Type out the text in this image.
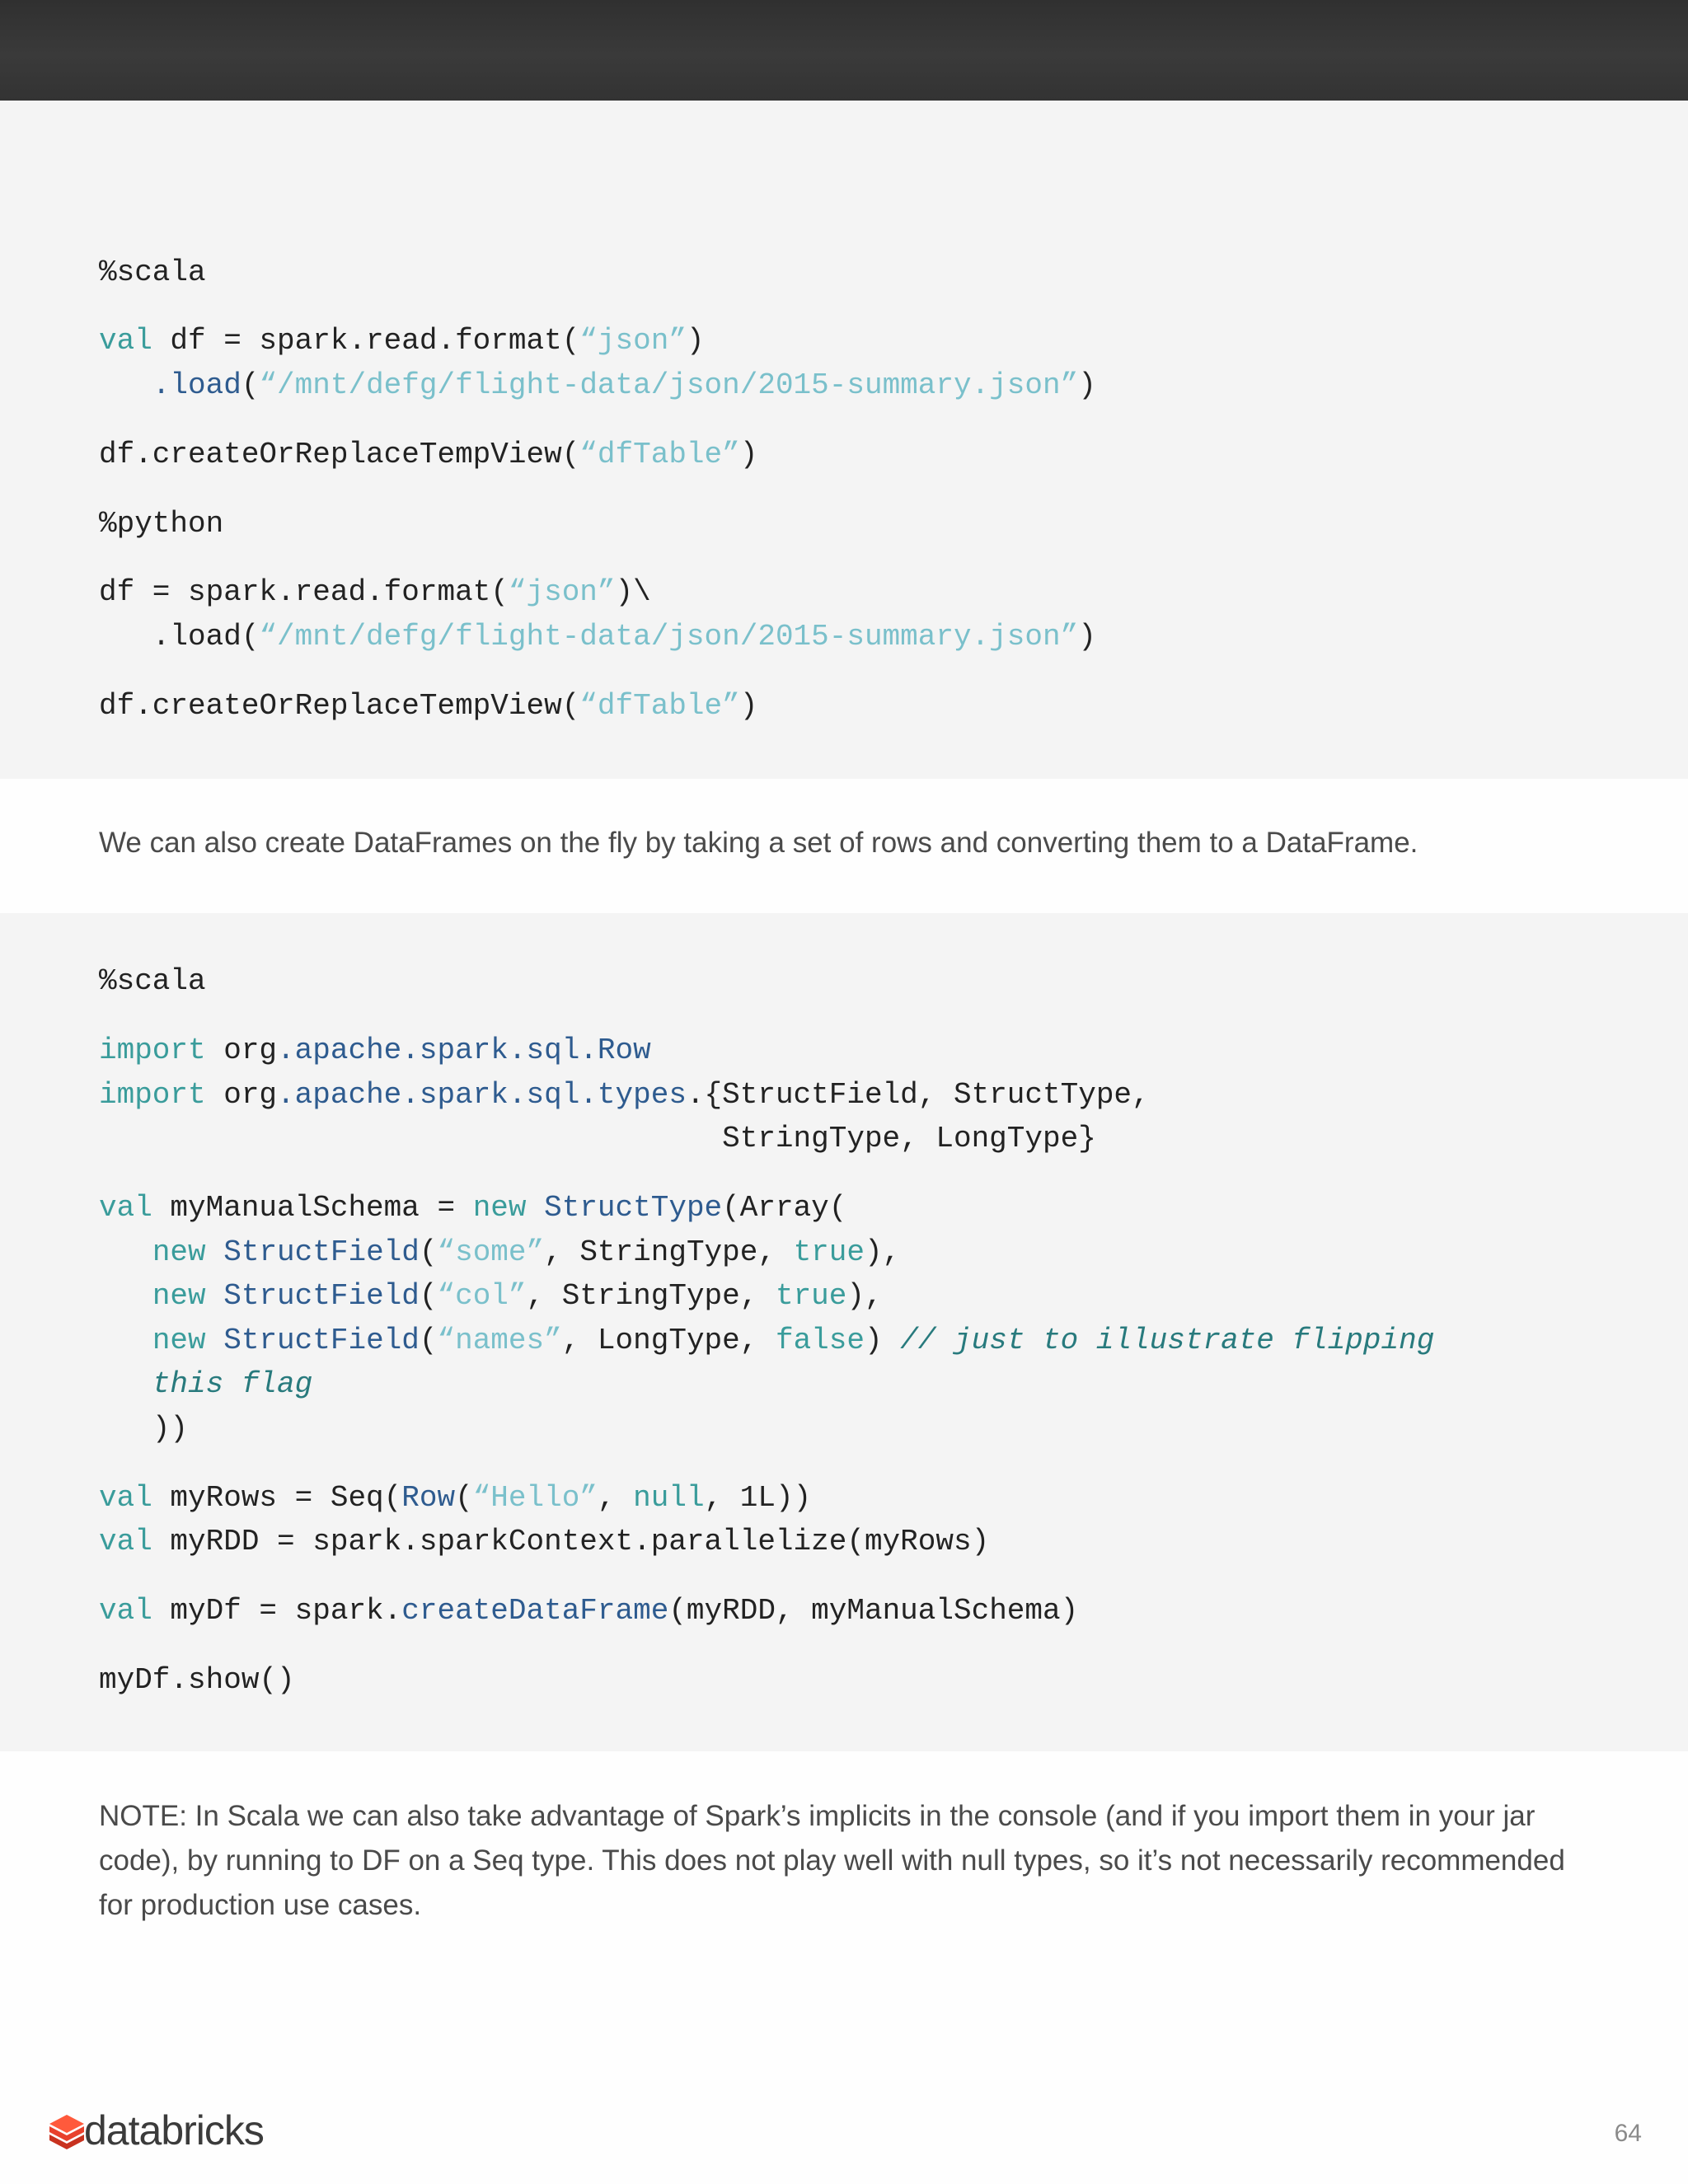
%scala
val df = spark.read.format(“json”)
.load(“/mnt/defg/flight-data/json/2015-summary.json”)
df.createOrReplaceTempView(“dfTable”)
%python
df = spark.read.format(“json”)\
.load(“/mnt/defg/flight-data/json/2015-summary.json”)
df.createOrReplaceTempView(“dfTable”)

We can also create DataFrames on the fly by taking a set of rows and converting them to a DataFrame.

%scala
import org.apache.spark.sql.Row
import org.apache.spark.sql.types.{StructField, StructType,
StringType, LongType}
val myManualSchema = new StructType(Array(
new StructField(“some”, StringType, true),
new StructField(“col”, StringType, true),
new StructField(“names”, LongType, false) // just to illustrate flipping
this flag
))
val myRows = Seq(Row(“Hello”, null, 1L))
val myRDD = spark.sparkContext.parallelize(myRows)
val myDf = spark.createDataFrame(myRDD, myManualSchema)
myDf.show()

NOTE: In Scala we can also take advantage of Spark’s implicits in the console (and if you import them in your jar code), by running to DF on a Seq type. This does not play well with null types, so it’s not necessarily recommended for production use cases.

databricks	64
